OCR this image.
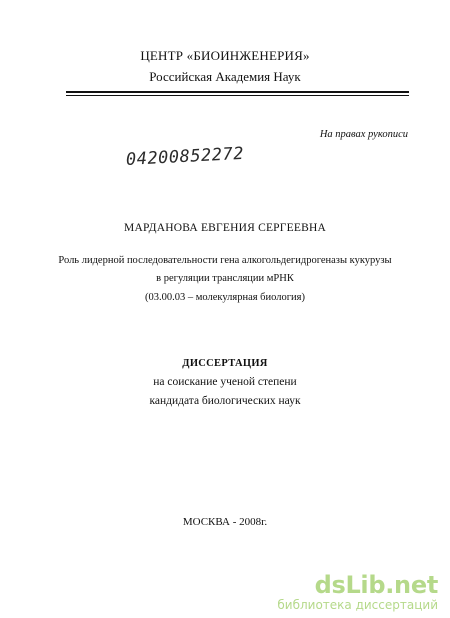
ЦЕНТР «БИОИНЖЕНЕРИЯ»
Российская Академия Наук
На правах рукописи
04200852272
МАРДАНОВА ЕВГЕНИЯ СЕРГЕЕВНА
Роль лидерной последовательности гена алкогольдегидрогеназы кукурузы
в регуляции трансляции мРНК
(03.00.03 – молекулярная биология)
ДИССЕРТАЦИЯ
на соискание ученой степени
кандидата биологических наук
МОСКВА - 2008г.
dsLib.net
библиотека диссертаций
